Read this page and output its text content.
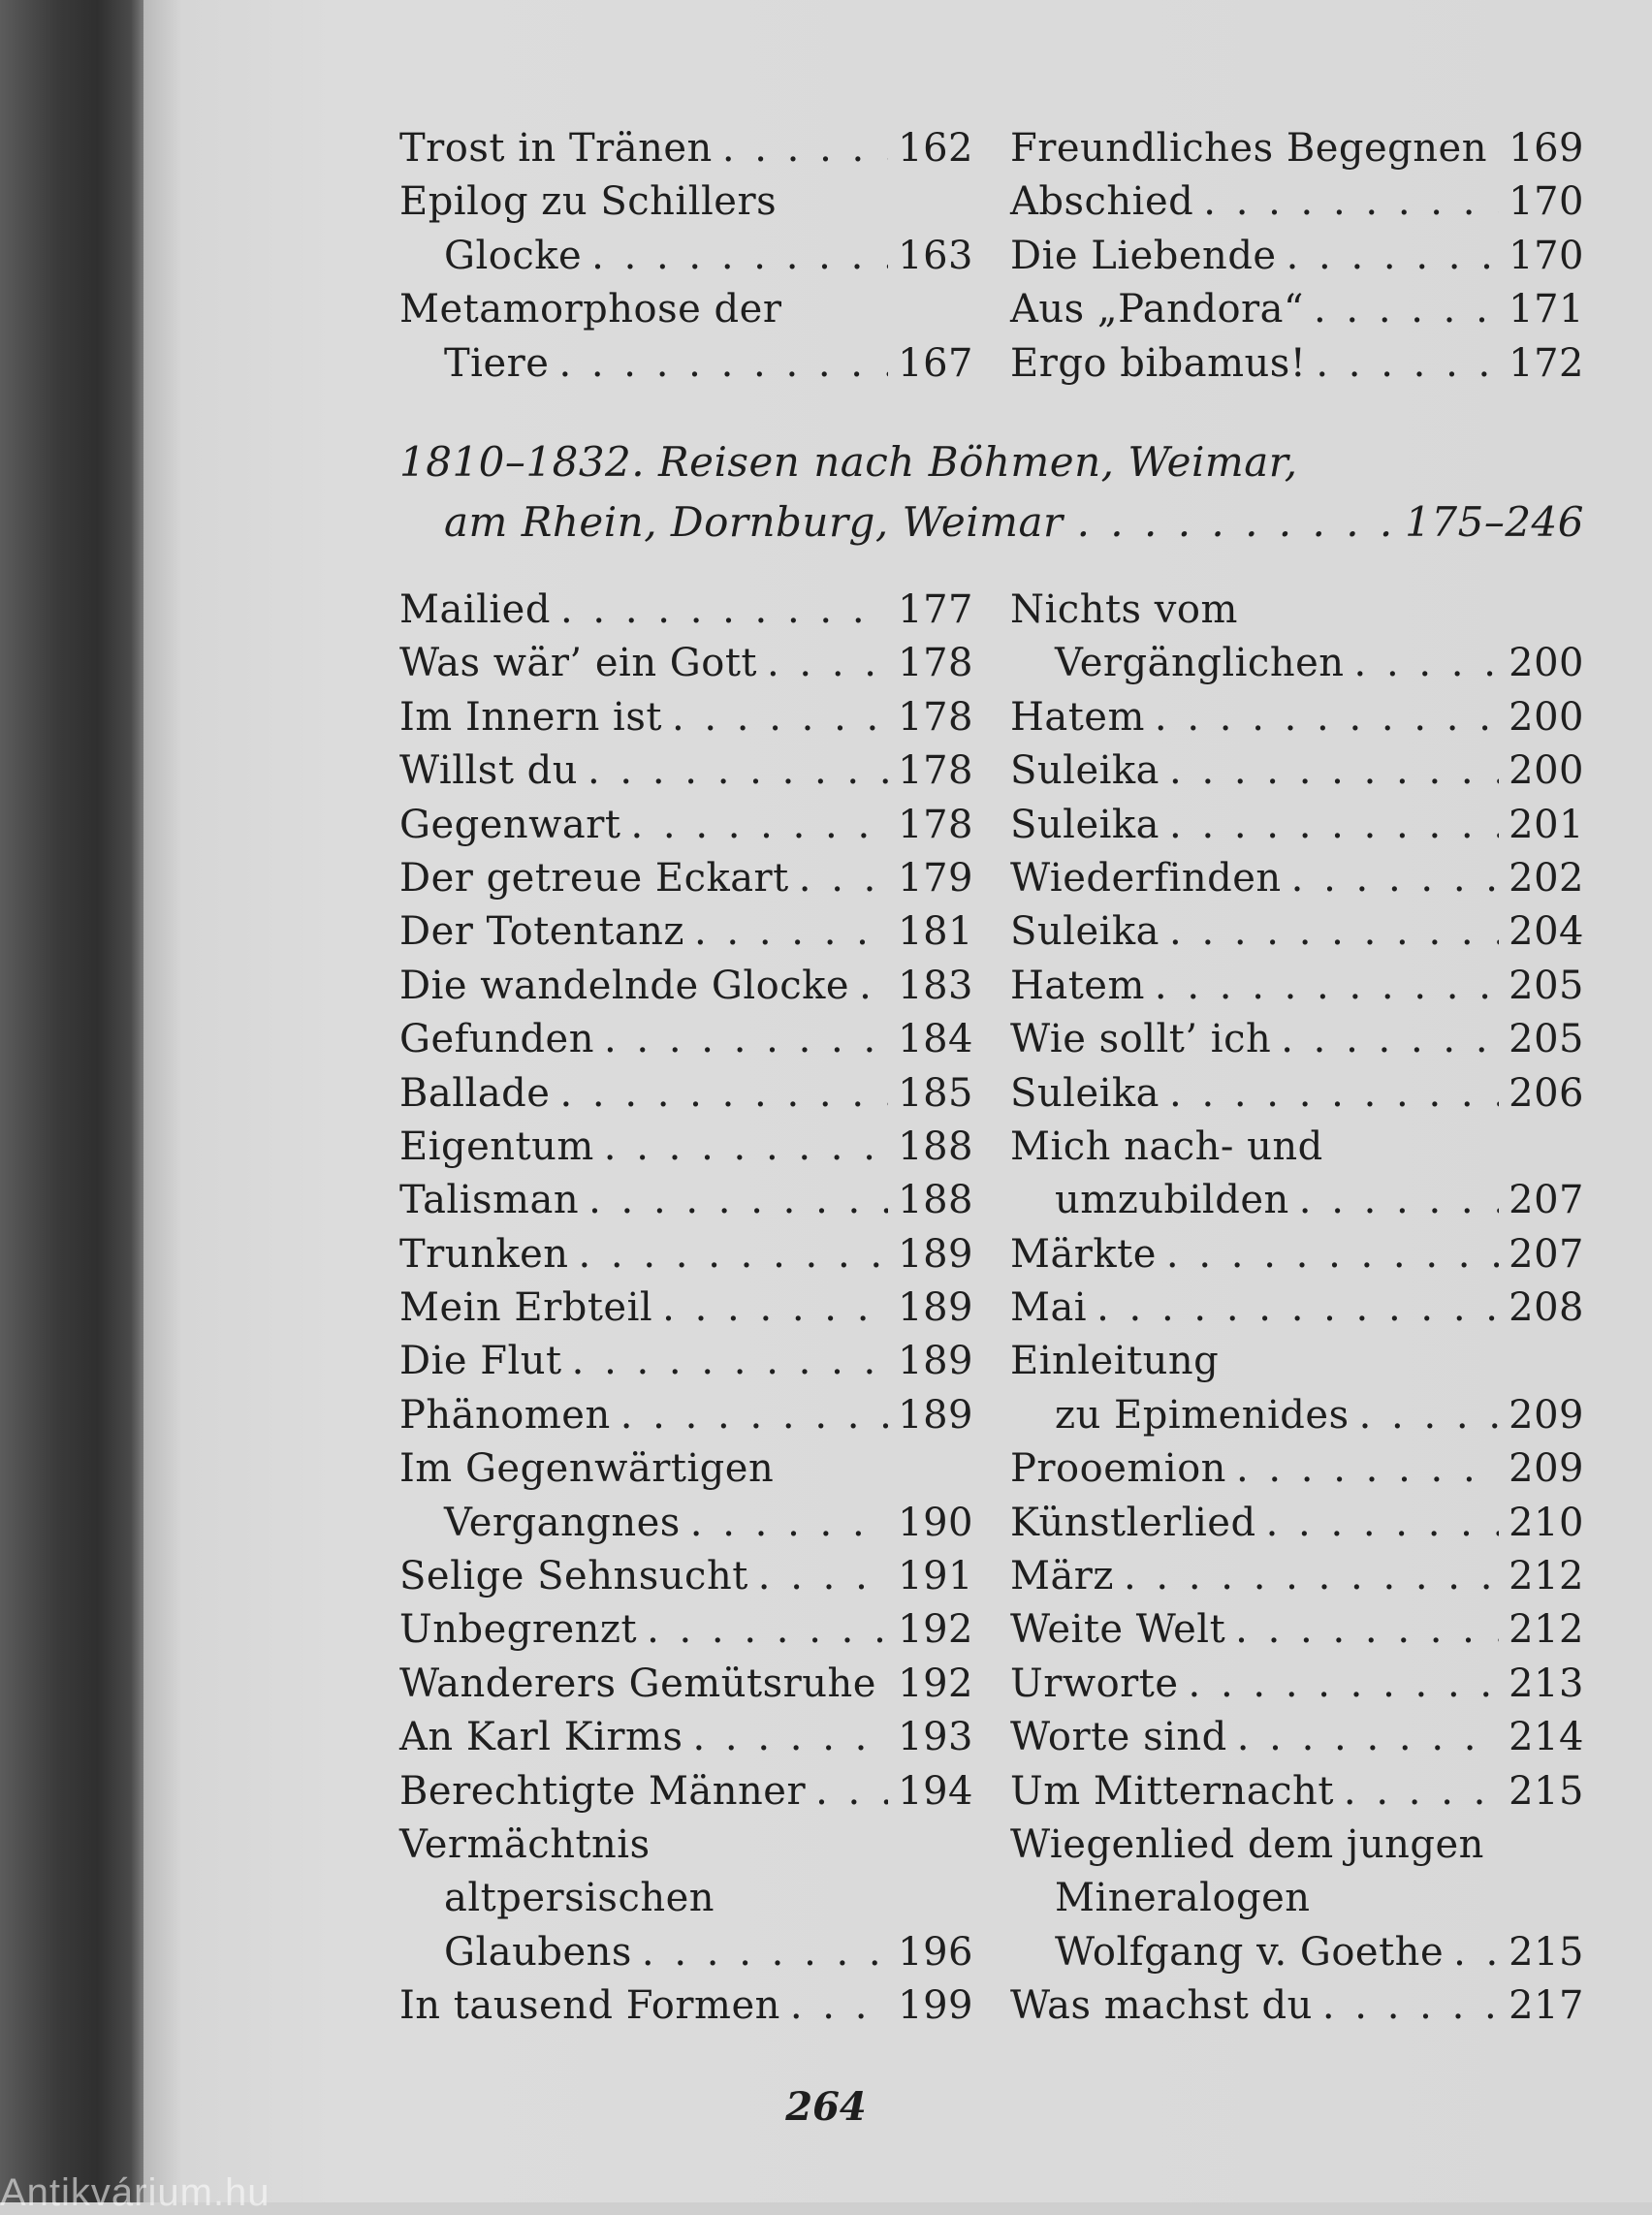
Trost in Tränen . . .	162
Epilog zu Schillers
Glocke . . .	163
Metamorphose der
Tiere . . .	167
Freundliches Begegnen . . . 169
Abschied . . .	170
Die Liebende . . .	170
Aus „Pandora“ . . .	171
Ergo bibamus! . . .	172
1810–1832. Reisen nach Böhmen, Weimar,
am Rhein, Dornburg, Weimar . . .	175–246
Mailied . . .	177
Was wär’ ein Gott . . .	178
Im Innern ist . . .	178
Willst du . . .	178
Gegenwart . . .	178
Der getreue Eckart . . .	179
Der Totentanz . . .	181
Die wandelnde Glocke . . . 183
Gefunden . . .	184
Ballade . . .	185
Eigentum . . .	188
Talisman . . .	188
Trunken . . .	189
Mein Erbteil . . .	189
Die Flut . . .	189
Phänomen . . .	189
Im Gegenwärtigen
Vergangnes . . .	190
Selige Sehnsucht . . .	191
Unbegrenzt . . .	192
Wanderers Gemütsruhe . . . 192
An Karl Kirms . . .	193
Berechtigte Männer . . . 194
Vermächtnis
altpersischen
Glaubens . . .	196
In tausend Formen . . .	199
Nichts vom
Vergänglichen . . .	200
Hatem . . .	200
Suleika . . .	200
Suleika . . .	201
Wiederfinden . . .	202
Suleika . . .	204
Hatem . . .	205
Wie sollt’ ich . . .	205
Suleika . . .	206
Mich nach- und
umzubilden . . .	207
Märkte . . .	207
Mai . . .	208
Einleitung
zu Epimenides . . .	209
Prooemion . . .	209
Künstlerlied . . .	210
März . . .	212
Weite Welt . . .	212
Urworte . . .	213
Worte sind . . .	214
Um Mitternacht . . .	215
Wiegenlied dem jungen
Mineralogen
Wolfgang v. Goethe . . . 215
Was machst du . . .	217
264
Antikvárium.hu
